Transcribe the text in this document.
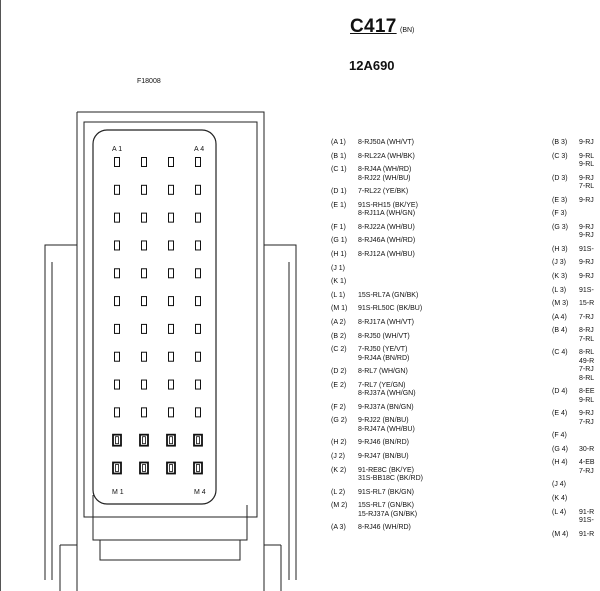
C417 (BN)
12A690
F18008
A 1	A 4
M 1	M 4
(A 1) 8-RJ50A (WH/VT)
(B 1) 8-RL22A (WH/BK)
(C 1) 8-RJ4A (WH/RD)
8-RJ22 (WH/BU)
(D 1) 7-RL22 (YE/BK)
(E 1) 91S-RH15 (BK/YE)
8-RJ11A (WH/GN)
(F 1) 8-RJ22A (WH/BU)
(G 1) 8-RJ46A (WH/RD)
(H 1) 8-RJ12A (WH/BU)
(J 1)
(K 1)
(L 1) 15S-RL7A (GN/BK)
(M 1) 91S-RL50C (BK/BU)
(A 2) 8-RJ17A (WH/VT)
(B 2) 8-RJ50 (WH/VT)
(C 2) 7-RJ50 (YE/VT)
9-RJ4A (BN/RD)
(D 2) 8-RL7 (WH/GN)
(E 2) 7-RL7 (YE/GN)
8-RJ37A (WH/GN)
(F 2) 9-RJ37A (BN/GN)
(G 2) 9-RJ22 (BN/BU)
8-RJ47A (WH/BU)
(H 2) 9-RJ46 (BN/RD)
(J 2) 9-RJ47 (BN/BU)
(K 2) 91-RE8C (BK/YE)
31S-BB18C (BK/RD)
(L 2) 91S-RL7 (BK/GN)
(M 2) 15S-RL7 (GN/BK)
15-RJ37A (GN/BK)
(A 3) 8-RJ46 (WH/RD)
(B 3) 9-RJ
(C 3) 9-RL
9-RL
(D 3) 9-RJ
7-RL
(E 3) 9-RJ
(F 3)
(G 3) 9-RJ
9-RJ
(H 3) 91S-
(J 3) 9-RJ
(K 3) 9-RJ
(L 3) 91S-
(M 3) 15-R
(A 4) 7-RJ
(B 4) 8-RJ
7-RL
(C 4) 8-RL
49-R
7-RJ
8-RL
(D 4) 8-EE
9-RL
(E 4) 9-RJ
7-RJ
(F 4)
(G 4) 30-R
(H 4) 4-EB
7-RJ
(J 4)
(K 4)
(L 4) 91-R
91S-
(M 4) 91-R
